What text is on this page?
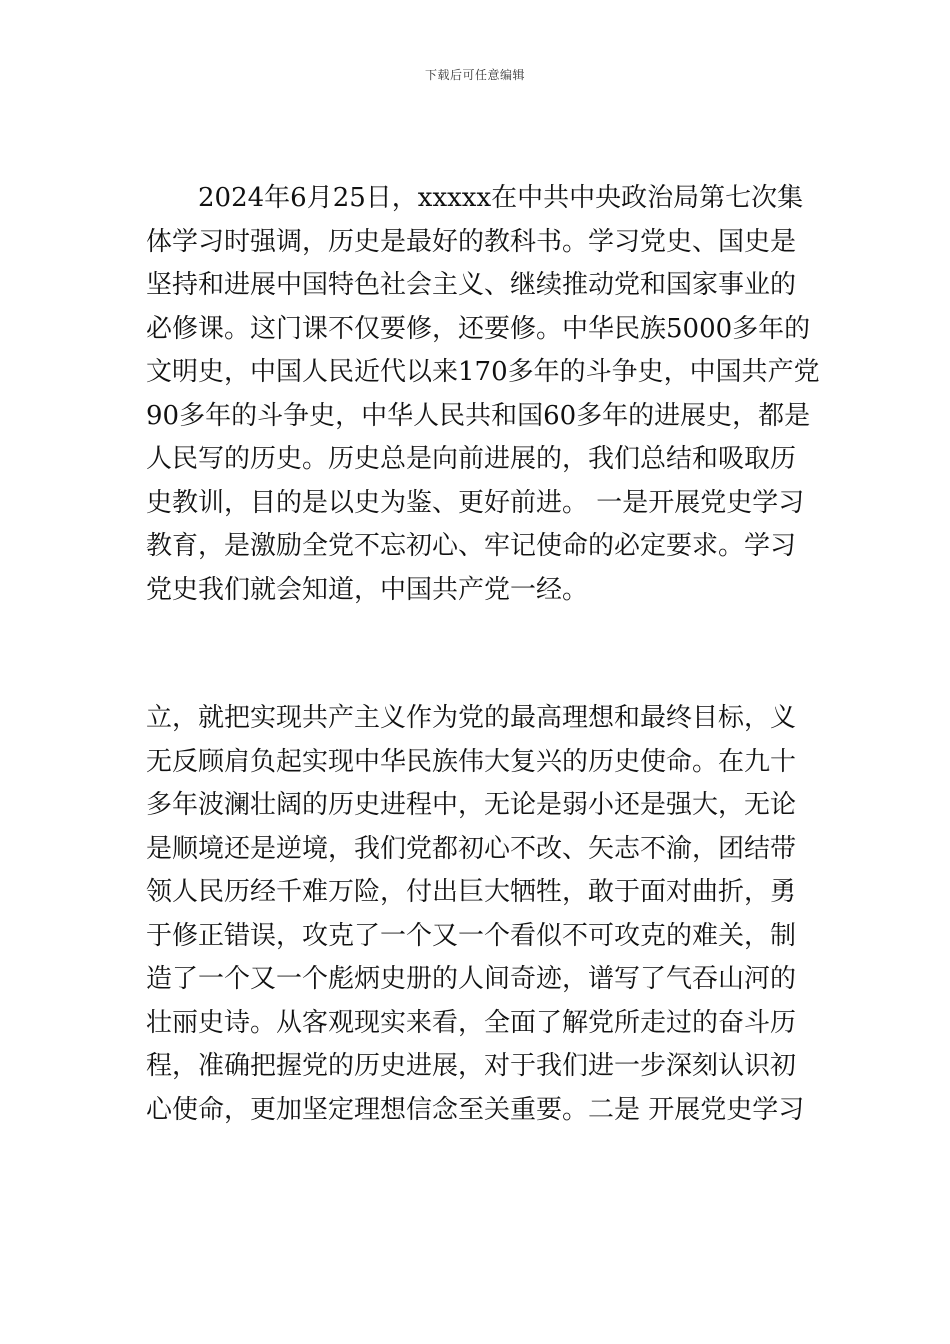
下载后可任意编辑
2024年6月25日，xxxxx在中共中央政治局第七次集
体学习时强调，历史是最好的教科书。学习党史、国史是
坚持和进展中国特色社会主义、继续推动党和国家事业的
必修课。这门课不仅要修，还要修。中华民族5000多年的
文明史，中国人民近代以来170多年的斗争史，中国共产党
90多年的斗争史，中华人民共和国60多年的进展史，都是
人民写的历史。历史总是向前进展的，我们总结和吸取历
史教训，目的是以史为鉴、更好前进。 一是开展党史学习
教育，是激励全党不忘初心、牢记使命的必定要求。学习
党史我们就会知道，中国共产党一经。
立，就把实现共产主义作为党的最高理想和最终目标，义
无反顾肩负起实现中华民族伟大复兴的历史使命。在九十
多年波澜壮阔的历史进程中，无论是弱小还是强大，无论
是顺境还是逆境，我们党都初心不改、矢志不渝，团结带
领人民历经千难万险，付出巨大牺牲，敢于面对曲折，勇
于修正错误，攻克了一个又一个看似不可攻克的难关，制
造了一个又一个彪炳史册的人间奇迹，谱写了气吞山河的
壮丽史诗。从客观现实来看，全面了解党所走过的奋斗历
程，准确把握党的历史进展，对于我们进一步深刻认识初
心使命，更加坚定理想信念至关重要。二是 开展党史学习
